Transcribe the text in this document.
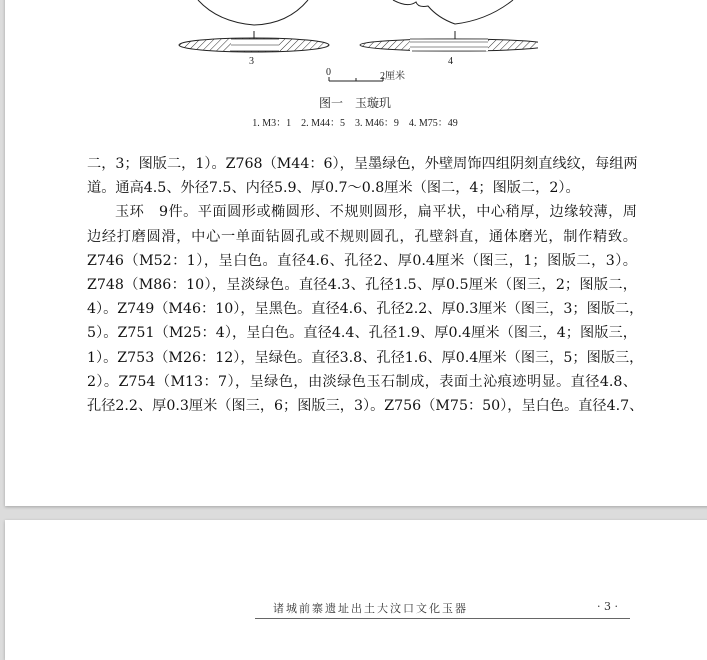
3	4
0	2厘米
图一　玉璇玑
1. M3：1　2. M44：5　3. M46：9　4. M75：49
二，3；图版二，1）。Z768（M44：6），呈墨绿色，外壁周饰四组阴刻直线纹，每组两
道。通高4.5、外径7.5、内径5.9、厚0.7～0.8厘米（图二，4；图版二，2）。
玉环　9件。平面圆形或椭圆形、不规则圆形，扁平状，中心稍厚，边缘较薄，周
边经打磨圆滑，中心一单面钻圆孔或不规则圆孔，孔壁斜直，通体磨光，制作精致。
Z746（M52：1），呈白色。直径4.6、孔径2、厚0.4厘米（图三，1；图版二，3）。
Z748（M86：10），呈淡绿色。直径4.3、孔径1.5、厚0.5厘米（图三，2；图版二，
4）。Z749（M46：10），呈黑色。直径4.6、孔径2.2、厚0.3厘米（图三，3；图版二，
5）。Z751（M25：4），呈白色。直径4.4、孔径1.9、厚0.4厘米（图三，4；图版三，
1）。Z753（M26：12），呈绿色。直径3.8、孔径1.6、厚0.4厘米（图三，5；图版三，
2）。Z754（M13：7），呈绿色，由淡绿色玉石制成，表面土沁痕迹明显。直径4.8、
孔径2.2、厚0.3厘米（图三，6；图版三，3）。Z756（M75：50），呈白色。直径4.7、
诸城前寨遗址出土大汶口文化玉器	· 3 ·
